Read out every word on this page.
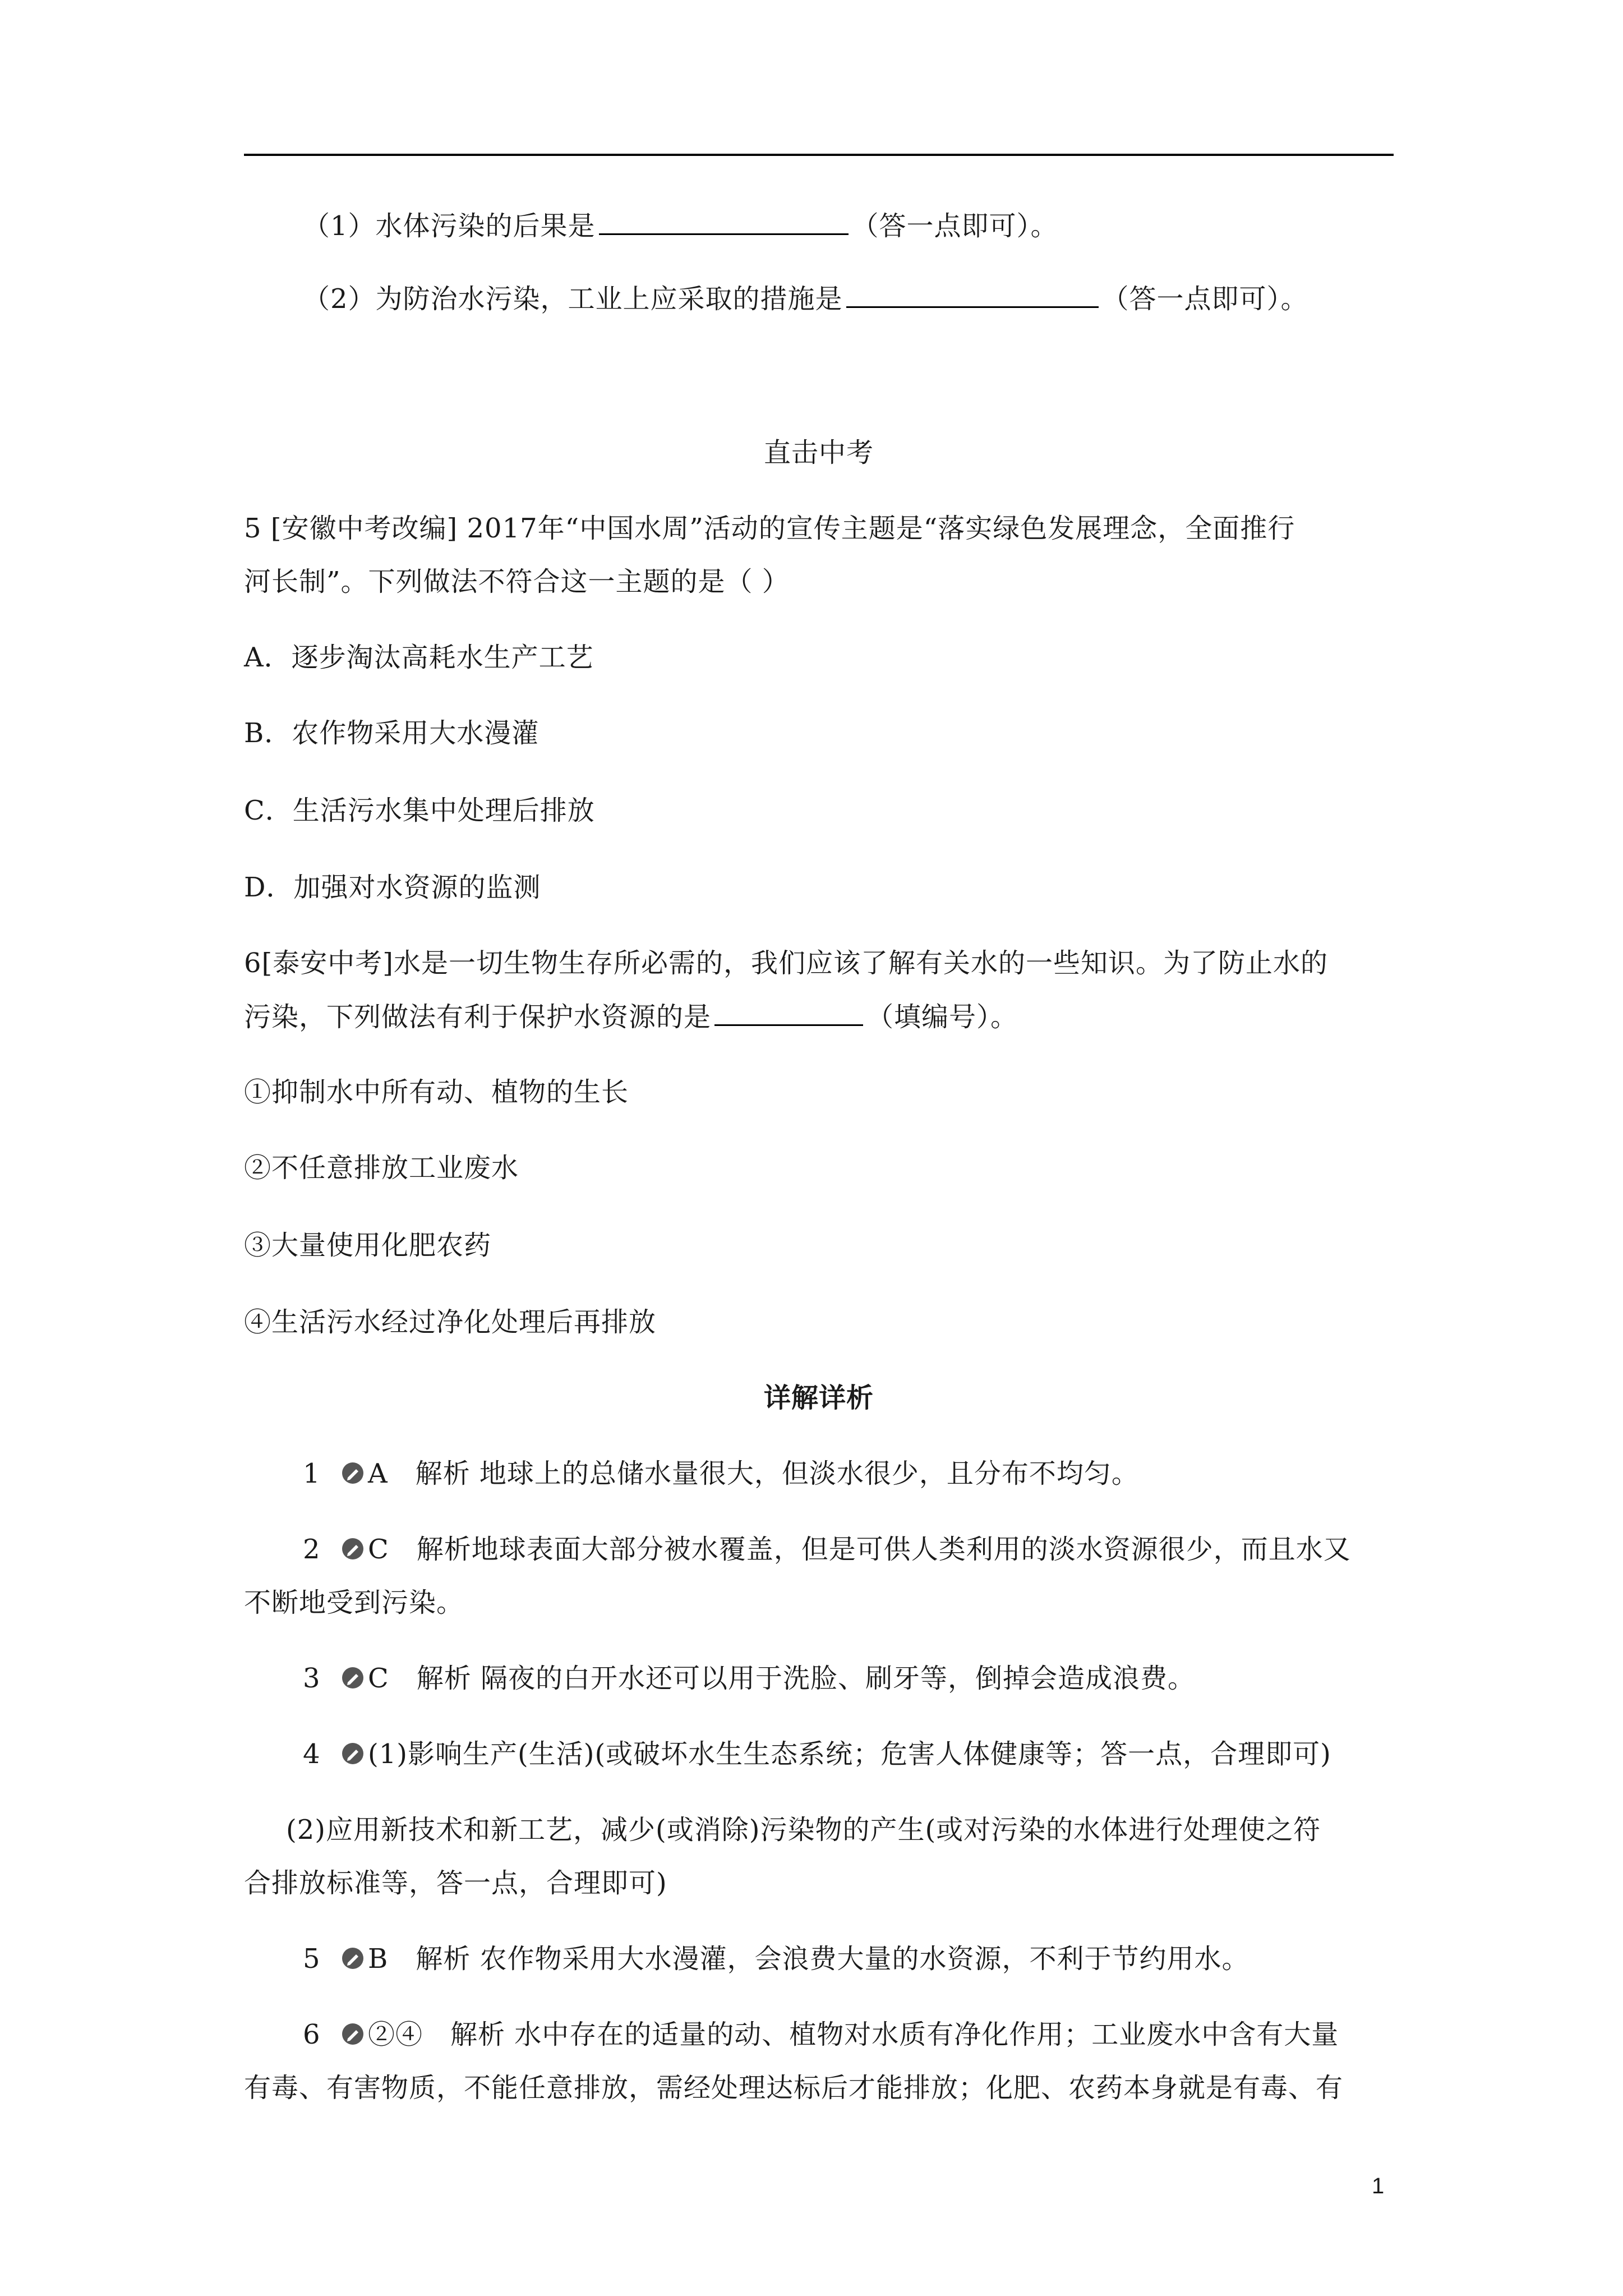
（1）水体污染的后果是	（答一点即可）。
（2）为防治水污染，工业上应采取的措施是	（答一点即可）。
直击中考
5 [安徽中考改编] 2017年“中国水周”活动的宣传主题是“落实绿色发展理念，全面推行
河长制”。下列做法不符合这一主题的是（ ）
A．逐步淘汰高耗水生产工艺
B．农作物采用大水漫灌
C．生活污水集中处理后排放
D．加强对水资源的监测
6[泰安中考]水是一切生物生存所必需的，我们应该了解有关水的一些知识。为了防止水的
污染，下列做法有利于保护水资源的是	（填编号）。
①抑制水中所有动、植物的生长
②不任意排放工业废水
③大量使用化肥农药
④生活污水经过净化处理后再排放
详解详析
1 A　解析 地球上的总储水量很大，但淡水很少，且分布不均匀。
2 C　解析地球表面大部分被水覆盖，但是可供人类利用的淡水资源很少，而且水又
不断地受到污染。
3 C　解析 隔夜的白开水还可以用于洗脸、刷牙等，倒掉会造成浪费。
4 (1)影响生产(生活)(或破坏水生生态系统；危害人体健康等；答一点，合理即可)
(2)应用新技术和新工艺，减少(或消除)污染物的产生(或对污染的水体进行处理使之符
合排放标准等，答一点，合理即可)
5 B　解析 农作物采用大水漫灌，会浪费大量的水资源，不利于节约用水。
6 ②④　解析 水中存在的适量的动、植物对水质有净化作用；工业废水中含有大量
有毒、有害物质，不能任意排放，需经处理达标后才能排放；化肥、农药本身就是有毒、有
1
